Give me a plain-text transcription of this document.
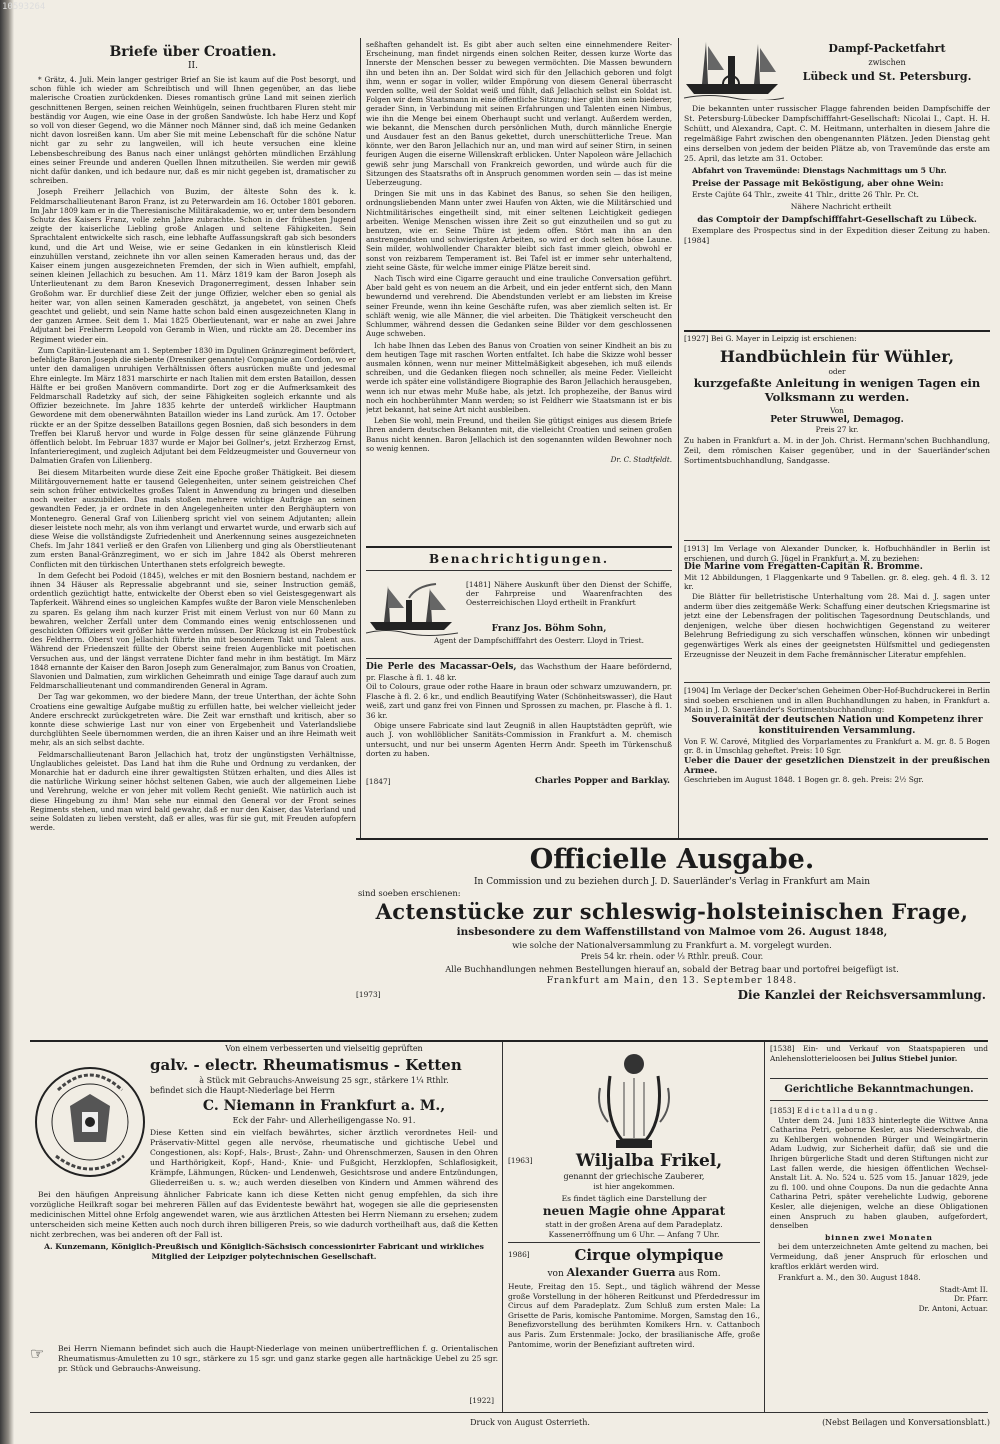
10593264
Briefe über Croatien.
II.

* Grätz, 4. Juli. Mein langer gestriger Brief an Sie ist kaum auf die Post besorgt, und schon fühle ich wieder am Schreibtisch und will Ihnen gegenüber, an das liebe malerische Croatien zurückdenken. Dieses romantisch grüne Land mit seinen zierlich geschnittenen Bergen, seinen reichen Weinhügeln, seinen fruchtbaren Fluren steht mir beständig vor Augen, wie eine Oase in der großen Sandwüste. Ich habe Herz und Kopf so voll von dieser Gegend, wo die Männer noch Männer sind, daß ich meine Gedanken nicht davon losreißen kann. Um aber Sie mit meine Lebenschaft für die schöne Natur nicht gar zu sehr zu langweilen, will ich heute versuchen eine kleine Lebensbeschreibung des Banus nach einer unlängst gehörten mündlichen Erzählung eines seiner Freunde und anderen Quellen Ihnen mitzutheilen. Sie werden mir gewiß nicht dafür danken, und ich bedaure nur, daß es mir nicht gegeben ist, dramatischer zu schreiben.

Joseph Freiherr Jellachich von Buzim, der älteste Sohn des k. k. Feldmarschallieutenant Baron Franz, ist zu Peterwardein am 16. October 1801 geboren. Im Jahr 1809 kam er in die Theresianische Militärakademie, wo er, unter dem besondern Schutz des Kaisers Franz, volle zehn Jahre zubrachte. Schon in der frühesten Jugend zeigte der kaiserliche Liebling große Anlagen und seltene Fähigkeiten. Sein Sprachtalent entwickelte sich rasch, eine lebhafte Auffassungskraft gab sich besonders kund, und die Art und Weise, wie er seine Gedanken in ein künstlerisch Kleid einzuhüllen verstand, zeichnete ihn vor allen seinen Kameraden heraus und, das der Kaiser einem jungen ausgezeichneten Fremden, der sich in Wien aufhielt, empfahl, seinen kleinen Jellachich zu besuchen. Am 11. März 1819 kam der Baron Joseph als Unterlieutenant zu dem Baron Knesevich Dragonerregiment, dessen Inhaber sein Großohm war. Er durchlief diese Zeit der junge Offizier, welcher eben so genial als heiter war, von allen seinen Kameraden geschätzt, ja angebetet, von seinen Chefs geachtet und geliebt, und sein Name hatte schon bald einen ausgezeichneten Klang in der ganzen Armee. Seit dem 1. Mai 1825 Oberlieutenant, war er nahe an zwei Jahre Adjutant bei Freiherrn Leopold von Geramb in Wien, und rückte am 28. December ins Regiment wieder ein.

Zum Capitän-Lieutenant am 1. September 1830 im Dgulinen Gränzregiment befördert, befehligte Baron Joseph die siebente (Dresniker genannte) Compagnie am Cordon, wo er unter den damaligen unruhigen Verhältnissen öfters ausrücken mußte und jedesmal Ehre einlegte. Im März 1831 marschirte er nach Italien mit dem ersten Bataillon, dessen Hälfte er bei großen Manövern commandirte. Dort zog er die Aufmerksamkeit des Feldmarschall Radetzky auf sich, der seine Fähigkeiten sogleich erkannte und als Offizier bezeichnete. Im Jahre 1835 kehrte der unterdeß wirklicher Hauptmann Gewordene mit dem obenerwähnten Bataillon wieder ins Land zurück. Am 17. October rückte er an der Spitze desselben Bataillons gegen Bosnien, daß sich besonders in dem Treffen bei Klaruß hervor und wurde in Folge dessen für seine glänzende Führung öffentlich belobt. Im Februar 1837 wurde er Major bei Gollner's, jetzt Erzherzog Ernst, Infanterieregiment, und zugleich Adjutant bei dem Feldzeugmeister und Gouverneur von Dalmatien Grafen von Lilienberg.

Bei diesem Mitarbeiten wurde diese Zeit eine Epoche großer Thätigkeit. Bei diesem Militärgouvernement hatte er tausend Gelegenheiten, unter seinem geistreichen Chef sein schon früher entwickeltes großes Talent in Anwendung zu bringen und dieselben noch weiter auszubilden. Das mals stoßen mehrere wichtige Aufträge an seinen gewandten Feder, ja er ordnete in den Angelegenheiten unter den Berghäuptern von Montenegro. General Graf von Lilienberg spricht viel von seinem Adjutanten; allein dieser leistete noch mehr, als von ihm verlangt und erwartet wurde, und erwarb sich auf diese Weise die vollständigste Zufriedenheit und Anerkennung seines ausgezeichneten Chefs. Im Jahr 1841 verließ er den Grafen von Lilienberg und ging als Oberstlieutenant zum ersten Banal-Gränzregiment, wo er sich im Jahre 1842 als Oberst mehreren Conflicten mit den türkischen Unterthanen stets erfolgreich bewegte.

In dem Gefecht bei Podoid (1845), welches er mit den Bosniern bestand, nachdem er ihnen 34 Häuser als Repressalie abgebrannt und sie, seiner Instruction gemäß, ordentlich gezüchtigt hatte, entwickelte der Oberst eben so viel Geistesgegenwart als Tapferkeit. Während eines so ungleichen Kampfes wußte der Baron viele Menschenleben zu sparen. Es gelang ihm nach kurzer Frist mit einem Verlust von nur 60 Mann zu bewahren, welcher Zerfall unter dem Commando eines wenig entschlossenen und geschickten Offiziers weit größer hätte werden müssen. Der Rückzug ist ein Probestück des Feldherrn. Oberst von Jellachich führte ihn mit besonderem Takt und Talent aus. Während der Friedenszeit füllte der Oberst seine freien Augenblicke mit poetischen Versuchen aus, und der längst verratene Dichter fand mehr in ihm bestätigt. Im März 1848 ernannte der Kaiser den Baron Joseph zum Generalmajor, zum Banus von Croatien, Slavonien und Dalmatien, zum wirklichen Geheimrath und einige Tage darauf auch zum Feldmarschallieutenant und commandirenden General in Agram.

Der Tag war gekommen, wo der biedere Mann, der treue Unterthan, der ächte Sohn Croatiens eine gewaltige Aufgabe mußtig zu erfüllen hatte, bei welcher vielleicht jeder Andere erschreckt zurückgetreten wäre. Die Zeit war ernsthaft und kritisch, aber so konnte diese schwierige Last nur von einer von Ergebenheit und Vaterlandsliebe durchglühten Seele übernommen werden, die an ihren Kaiser und an ihre Heimath weit mehr, als an sich selbst dachte.

Feldmarschallieutenant Baron Jellachich hat, trotz der ungünstigsten Verhältnisse, Unglaubliches geleistet. Das Land hat ihm die Ruhe und Ordnung zu verdanken, der Monarchie hat er dadurch eine ihrer gewaltigsten Stützen erhalten, und dies Alles ist die natürliche Wirkung seiner höchst seltenen Gaben, wie auch der allgemeinen Liebe und Verehrung, welche er von jeher mit vollem Recht genießt. Wie natürlich auch ist diese Hingebung zu ihm! Man sehe nur einmal den General vor der Front seines Regiments stehen, und man wird bald gewahr, daß er nur den Kaiser, das Vaterland und seine Soldaten zu lieben versteht, daß er alles, was für sie gut, mit Freuden aufopfern werde.

seßhaften gehandelt ist. Es gibt aber auch selten eine einnehmendere Reiter-Erscheinung, man findet nirgends einen solchen Reiter, dessen kurze Worte das Innerste der Menschen besser zu bewegen vermöchten. Die Massen bewundern ihn und beten ihn an. Der Soldat wird sich für den Jellachich geboren und folgt ihm, wenn er sogar in voller, wilder Empörung von diesem General überrascht werden sollte, weil der Soldat weiß und fühlt, daß Jellachich selbst ein Soldat ist. Folgen wir dem Staatsmann in eine öffentliche Sitzung: hier gibt ihm sein biederer, gerader Sinn, in Verbindung mit seinen Erfahrungen und Talenten einen Nimbus, wie ihn die Menge bei einem Oberhaupt sucht und verlangt. Außerdem werden, wie bekannt, die Menschen durch persönlichen Muth, durch männliche Energie und Ausdauer fest an den Banus gekettet, durch unerschütterliche Treue. Man könnte, wer den Baron Jellachich nur an, und man wird auf seiner Stirn, in seinen feurigen Augen die eiserne Willenskraft erblicken. Unter Napoleon wäre Jellachich gewiß sehr jung Marschall von Frankreich geworden, und würde auch für die Sitzungen des Staatsraths oft in Anspruch genommen worden sein — das ist meine Ueberzeugung.

Dringen Sie mit uns in das Kabinet des Banus, so sehen Sie den heiligen, ordnungsliebenden Mann unter zwei Haufen von Akten, wie die Militärschied und Nichtmilitärisches eingetheilt sind, mit einer seltenen Leichtigkeit gediegen arbeiten. Wenige Menschen wissen ihre Zeit so gut einzutheilen und so gut zu benutzen, wie er. Seine Thüre ist jedem offen. Stört man ihn an den anstrengendsten und schwierigsten Arbeiten, so wird er doch selten böse Laune. Sein milder, wohlwollender Charakter bleibt sich fast immer gleich, obwohl er sonst von reizbarem Temperament ist. Bei Tafel ist er immer sehr unterhaltend, zieht seine Gäste, für welche immer einige Plätze bereit sind.

Nach Tisch wird eine Cigarre geraucht und eine trauliche Conversation geführt. Aber bald geht es von neuem an die Arbeit, und ein jeder entfernt sich, den Mann bewundernd und verehrend. Die Abendstunden verlebt er am liebsten im Kreise seiner Freunde, wenn ihn keine Geschäfte rufen, was aber ziemlich selten ist. Er schläft wenig, wie alle Männer, die viel arbeiten. Die Thätigkeit verscheucht den Schlummer, während dessen die Gedanken seine Bilder vor dem geschlossenen Auge schweben.

Ich habe Ihnen das Leben des Banus von Croatien von seiner Kindheit an bis zu dem heutigen Tage mit raschen Worten entfaltet. Ich habe die Skizze wohl besser ausmalen können, wenn nur meiner Mittelmäßigkeit abgesehen, ich muß eilends schreiben, und die Gedanken fliegen noch schneller, als meine Feder. Vielleicht werde ich später eine vollständigere Biographie des Baron Jellachich herausgeben, wenn ich nur etwas mehr Muße habe, als jetzt. Ich prophezeihe, der Banus wird noch ein hochberühmter Mann werden; so ist Feldherr wie Staatsmann ist er bis jetzt bekannt, hat seine Art nicht ausbleiben.

Leben Sie wohl, mein Freund, und theilen Sie gütigst einiges aus diesem Briefe Ihren andern deutschen Bekannten mit, die vielleicht Croatien und seinen großen Banus nicht kennen. Baron Jellachich ist den sogenannten wilden Bewohner noch so wenig kennen.

Dr. C. Stadtfeldt.
Benachrichtigungen.
[1481] Nähere Auskunft über den Dienst der Schiffe, der Fahrpreise und Waarenfrachten des Oesterreichischen Lloyd ertheilt in Frankfurt
Franz Jos. Böhm Sohn,
Agent der Dampfschifffahrt des Oesterr. Lloyd in Triest.
Die Perle des Macassar-Oels, das Wachsthum der Haare befördernd, pr. Flasche à fl. 1. 48 kr.

Oil to Colours, graue oder rothe Haare in braun oder schwarz umzuwandern, pr. Flasche à fl. 2. 6 kr., und endlich Beautifying Water (Schönheitswasser), die Haut weiß, zart und ganz frei von Finnen und Sprossen zu machen, pr. Flasche à fl. 1. 36 kr.

Obige unsere Fabricate sind laut Zeugniß in allen Hauptstädten geprüft, wie auch J. von wohllöblicher Sanitäts-Commission in Frankfurt a. M. chemisch untersucht, und nur bei unserm Agenten Herrn Andr. Speeth im Türkenschuß dorten zu haben.

[1847]	Charles Popper and Barklay.
Dampf-Packetfahrt
zwischen
Lübeck und St. Petersburg.

Die bekannten unter russischer Flagge fahrenden beiden Dampfschiffe der St. Petersburg-Lübecker Dampfschifffahrt-Gesellschaft: Nicolai I., Capt. H. H. Schütt, und Alexandra, Capt. C. M. Heitmann, unterhalten in diesem Jahre die regelmäßige Fahrt zwischen den obengenannten Plätzen. Jeden Dienstag geht eins derselben von jedem der beiden Plätze ab, von Travemünde das erste am 25. April, das letzte am 31. October.

Abfahrt von Travemünde: Dienstags Nachmittags um 5 Uhr.

Preise der Passage mit Beköstigung, aber ohne Wein:

Erste Cajüte 64 Thlr., zweite 41 Thlr., dritte 26 Thlr. Pr. Ct.

Nähere Nachricht ertheilt

das Comptoir der Dampfschifffahrt-Gesellschaft zu Lübeck.

Exemplare des Prospectus sind in der Expedition dieser Zeitung zu haben. [1984]

[1927] Bei G. Mayer in Leipzig ist erschienen:
Handbüchlein für Wühler,
oder
kurzgefaßte Anleitung in wenigen Tagen ein Volksmann zu werden.
Von
Peter Struwwel, Demagog.
Preis 27 kr.
Zu haben in Frankfurt a. M. in der Joh. Christ. Hermann'schen Buchhandlung, Zeil, dem römischen Kaiser gegenüber, und in der Sauerländer'schen Sortimentsbuchhandlung, Sandgasse.
[1913] Im Verlage von Alexander Duncker, k. Hofbuchhändler in Berlin ist erschienen, und durch G. Jügel in Frankfurt a. M. zu beziehen:
Die Marine vom Fregatten-Capitän R. Bromme.
Mit 12 Abbildungen, 1 Flaggenkarte und 9 Tabellen. gr. 8. eleg. geh. 4 fl. 3. 12 kr.

Die Blätter für belletristische Unterhaltung vom 28. Mai d. J. sagen unter anderm über dies zeitgemäße Werk: Schaffung einer deutschen Kriegsmarine ist jetzt eine der Lebensfragen der politischen Tagesordnung Deutschlands, und denjenigen, welche über diesen hochwichtigen Gegenstand zu weiterer Belehrung Befriedigung zu sich verschaffen wünschen, können wir unbedingt gegenwärtiges Werk als eines der geeignetsten Hülfsmittel und gediegensten Erzeugnisse der Neuzeit in dem Fache fremännischer Literatur empfehlen.

[1904] Im Verlage der Decker'schen Geheimen Ober-Hof-Buchdruckerei in Berlin sind soeben erschienen und in allen Buchhandlungen zu haben, in Frankfurt a. Main in J. D. Sauerländer's Sortimentsbuchhandlung:
Souverainität der deutschen Nation und Kompetenz ihrer konstituirenden Versammlung.
Von F. W. Carové, Mitglied des Vorparlamentes zu Frankfurt a. M. gr. 8. 5 Bogen gr. 8. in Umschlag geheftet. Preis: 10 Sgr.
Ueber die Dauer der gesetzlichen Dienstzeit in der preußischen Armee.
Geschrieben im August 1848. 1 Bogen gr. 8. geh. Preis: 2½ Sgr.
Officielle Ausgabe.
In Commission und zu beziehen durch J. D. Sauerländer's Verlag in Frankfurt am Main
sind soeben erschienen:
Actenstücke zur schleswig-holsteinischen Frage,
insbesondere zu dem Waffenstillstand von Malmoe vom 26. August 1848,
wie solche der Nationalversammlung zu Frankfurt a. M. vorgelegt wurden.
Preis 54 kr. rhein. oder ⅓ Rthlr. preuß. Cour.
Alle Buchhandlungen nehmen Bestellungen hierauf an, sobald der Betrag baar und portofrei beigefügt ist.
Frankfurt am Main, den 13. September 1848.
[1973]	Die Kanzlei der Reichsversammlung.
Von einem verbesserten und vielseitig geprüften
galv. - electr. Rheumatismus - Ketten
à Stück mit Gebrauchs-Anweisung 25 sgr., stärkere 1¼ Rthlr.
befindet sich die Haupt-Niederlage bei Herrn
C. Niemann in Frankfurt a. M.,
Eck der Fahr- und Allerheiligengasse No. 91.
Diese Ketten sind ein vielfach bewährtes, sicher ärztlich verordnetes Heil- und Präservativ-Mittel gegen alle nervöse, rheumatische und gichtische Uebel und Congestionen, als: Kopf-, Hals-, Brust-, Zahn- und Ohrenschmerzen, Sausen in den Ohren und Harthörigkeit, Kopf-, Hand-, Knie- und Fußgicht, Herzklopfen, Schlaflosigkeit, Krämpfe, Lähmungen, Rücken- und Lendenweh, Gesichtsrose und andere Entzündungen, Gliederreißen u. s. w.; auch werden dieselben von Kindern und Ammen während des

Bei den häufigen Anpreisung ähnlicher Fabricate kann ich diese Ketten nicht genug empfehlen, da sich ihre vorzügliche Heilkraft sogar bei mehreren Fällen auf das Evidenteste bewährt hat, wogegen sie alle die gepriesensten medicinischen Mittel ohne Erfolg angewendet waren, wie aus ärztlichen Attesten bei Herrn Niemann zu ersehen; zudem unterscheiden sich meine Ketten auch noch durch ihren billigeren Preis, so wie dadurch vortheilhaft aus, daß die Ketten nicht zerbrechen, was bei anderen oft der Fall ist.

A. Kunzemann, Königlich-Preußisch und Königlich-Sächsisch concessionirter Fabricant und wirkliches Mitglied der Leipziger polytechnischen Gesellschaft.

☞	Bei Herrn Niemann befindet sich auch die Haupt-Niederlage von meinen unübertrefflichen f. g. Orientalischen Rheumatismus-Amuletten zu 10 sgr., stärkere zu 15 sgr. und ganz starke gegen alle hartnäckige Uebel zu 25 sgr. pr. Stück und Gebrauchs-Anweisung.
[1922]
[1963]	Wiljalba Frikel,
genannt der griechische Zauberer,
ist hier angekommen.
Es findet täglich eine Darstellung der
neuen Magie ohne Apparat
statt in der großen Arena auf dem Paradeplatz. Kassenerröffnung um 6 Uhr. — Anfang 7 Uhr.
1986]	Cirque olympique
von Alexander Guerra aus Rom.
Heute, Freitag den 15. Sept., und täglich während der Messe große Vorstellung in der höheren Reitkunst und Pferdedressur im Circus auf dem Paradeplatz. Zum Schluß zum ersten Male: La Grisette de Paris, komische Pantomime. Morgen, Samstag den 16., Benefizvorstellung des berühmten Komikers Hrn. v. Cattanboch aus Paris. Zum Erstenmale: Jocko, der brasilianische Affe, große Pantomime, worin der Benefiziant auftreten wird.
[1538] Ein- und Verkauf von Staatspapieren und Anlehenslotterieloosen bei Julius Stiebel junior.
Gerichtliche Bekanntmachungen.
[1853] Edictalladung.

Unter dem 24. Juni 1833 hinterlegte die Wittwe Anna Catharina Petri, geborne Kesler, aus Niederschwab, die zu Kehlbergen wohnenden Bürger und Weingärtnerin Adam Ludwig, zur Sicherheit dafür, daß sie und die Ihrigen bürgerliche Stadt und deren Stiftungen nicht zur Last fallen werde, die hiesigen öffentlichen Wechsel-Anstalt Lit. A. No. 524 u. 525 vom 15. Januar 1829, jede zu fl. 100. und ohne Coupons. Da nun die gedachte Anna Catharina Petri, später verehelichte Ludwig, geborene Kesler, alle diejenigen, welche an diese Obligationen einen Anspruch zu haben glauben, aufgefordert, denselben

binnen zwei Monaten

bei dem unterzeichneten Amte geltend zu machen, bei Vermeidung, daß jener Anspruch für erloschen und kraftlos erklärt werden wird.

Frankfurt a. M., den 30. August 1848.

Stadt-Amt II.
Dr. Pfarr.
Dr. Antoni, Actuar.
Druck von August Osterrieth.	(Nebst Beilagen und Konversationsblatt.)
